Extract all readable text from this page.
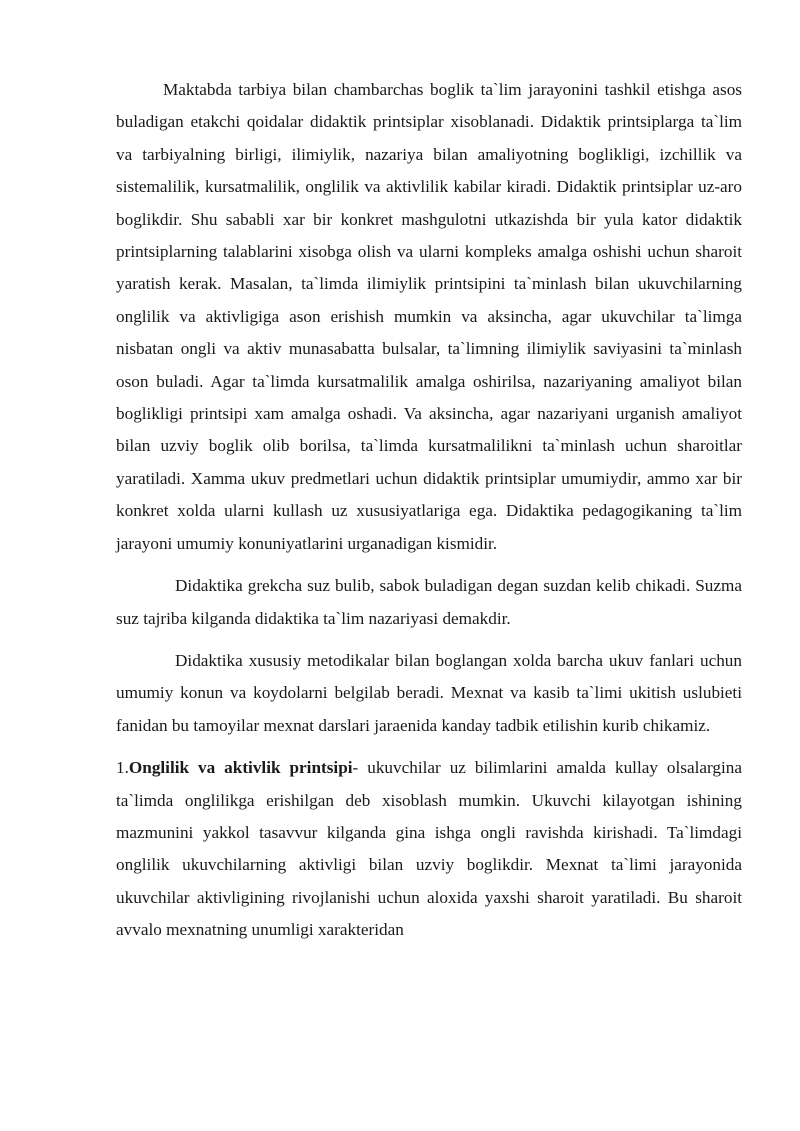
Maktabda tarbiya bilan chambarchas boglik ta`lim jarayonini tashkil etishga asos buladigan etakchi qoidalar didaktik printsiplar xisoblanadi. Didaktik printsiplarga ta`lim va tarbiyalning birligi, ilimiylik, nazariya bilan amaliyotning boglikligi, izchillik va sistemalilik, kursatmalilik, onglilik va aktivlilik kabilar kiradi. Didaktik printsiplar uz-aro boglikdir. Shu sababli xar bir konkret mashgulotni utkazishda bir yula kator didaktik printsiplarning talablarini xisobga olish va ularni kompleks amalga oshishi uchun sharoit yaratish kerak. Masalan, ta`limda ilimiylik printsipini ta`minlash bilan ukuvchilarning onglilik va aktivligiga ason erishish mumkin va aksincha, agar ukuvchilar ta`limga nisbatan ongli va aktiv munasabatta bulsalar, ta`limning ilimiylik saviyasini ta`minlash oson buladi. Agar ta`limda kursatmalilik amalga oshirilsa, nazariyaning amaliyot bilan boglikligi printsipi xam amalga oshadi. Va aksincha, agar nazariyani urganish amaliyot bilan uzviy boglik olib borilsa, ta`limda kursatmalilikni ta`minlash uchun sharoitlar yaratiladi. Xamma ukuv predmetlari uchun didaktik printsiplar umumiydir, ammo xar bir konkret xolda ularni kullash uz xususiyatlariga ega. Didaktika pedagogikaning ta`lim jarayoni umumiy konuniyatlarini urganadigan kismidir.

Didaktika grekcha suz bulib, sabok buladigan degan suzdan kelib chikadi. Suzma suz tajriba kilganda didaktika ta`lim nazariyasi demakdir.

Didaktika xususiy metodikalar bilan boglangan xolda barcha ukuv fanlari uchun umumiy konun va koydolarni belgilab beradi. Mexnat va kasib ta`limi ukitish uslubieti fanidan bu tamoyilar mexnat darslari jaraenida kanday tadbik etilishin kurib chikamiz.

1.Onglilik va aktivlik printsipi- ukuvchilar uz bilimlarini amalda kullay olsalargina ta`limda onglilikga erishilgan deb xisoblash mumkin. Ukuvchi kilayotgan ishining mazmunini yakkol tasavvur kilganda gina ishga ongli ravishda kirishadi. Ta`limdagi onglilik ukuvchilarning aktivligi bilan uzviy boglikdir. Mexnat ta`limi jarayonida ukuvchilar aktivligining rivojlanishi uchun aloxida yaxshi sharoit yaratiladi. Bu sharoit avvalo mexnatning unumligi xarakteridan
